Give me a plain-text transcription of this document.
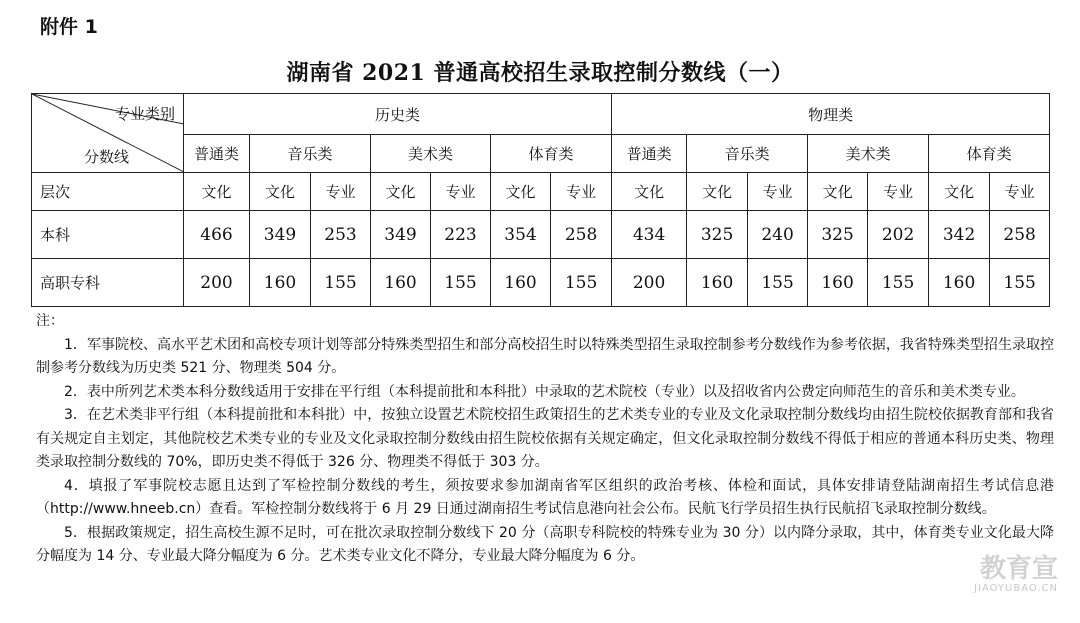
附件 1
湖南省 2021 普通高校招生录取控制分数线（一）
专业类别
分数线	历史类							物理类						
	普通类	音乐类		美术类		体育类		普通类	音乐类		美术类		体育类	
层次	文化	文化	专业	文化	专业	文化	专业	文化	文化	专业	文化	专业	文化	专业
本科	466	349	253	349	223	354	258	434	325	240	325	202	342	258
高职专科	200	160	155	160	155	160	155	200	160	155	160	155	160	155

注：

1．军事院校、高水平艺术团和高校专项计划等部分特殊类型招生和部分高校招生时以特殊类型招生录取控制参考分数线作为参考依据，我省特殊类型招生录取控制参考分数线为历史类 521 分、物理类 504 分。

2．表中所列艺术类本科分数线适用于安排在平行组（本科提前批和本科批）中录取的艺术院校（专业）以及招收省内公费定向师范生的音乐和美术类专业。

3．在艺术类非平行组（本科提前批和本科批）中，按独立设置艺术院校招生政策招生的艺术类专业的专业及文化录取控制分数线均由招生院校依据教育部和我省有关规定自主划定，其他院校艺术类专业的专业及文化录取控制分数线由招生院校依据有关规定确定，但文化录取控制分数线不得低于相应的普通本科历史类、物理类录取控制分数线的 70%，即历史类不得低于 326 分、物理类不得低于 303 分。

4．填报了军事院校志愿且达到了军检控制分数线的考生，须按要求参加湖南省军区组织的政治考核、体检和面试，具体安排请登陆湖南招生考试信息港（http://www.hneeb.cn）查看。军检控制分数线将于 6 月 29 日通过湖南招生考试信息港向社会公布。民航飞行学员招生执行民航招飞录取控制分数线。

5．根据政策规定，招生高校生源不足时，可在批次录取控制分数线下 20 分（高职专科院校的特殊专业为 30 分）以内降分录取，其中，体育类专业文化最大降分幅度为 14 分、专业最大降分幅度为 6 分。艺术类专业文化不降分，专业最大降分幅度为 6 分。	教育宣
JIAOYUBAO.CN
